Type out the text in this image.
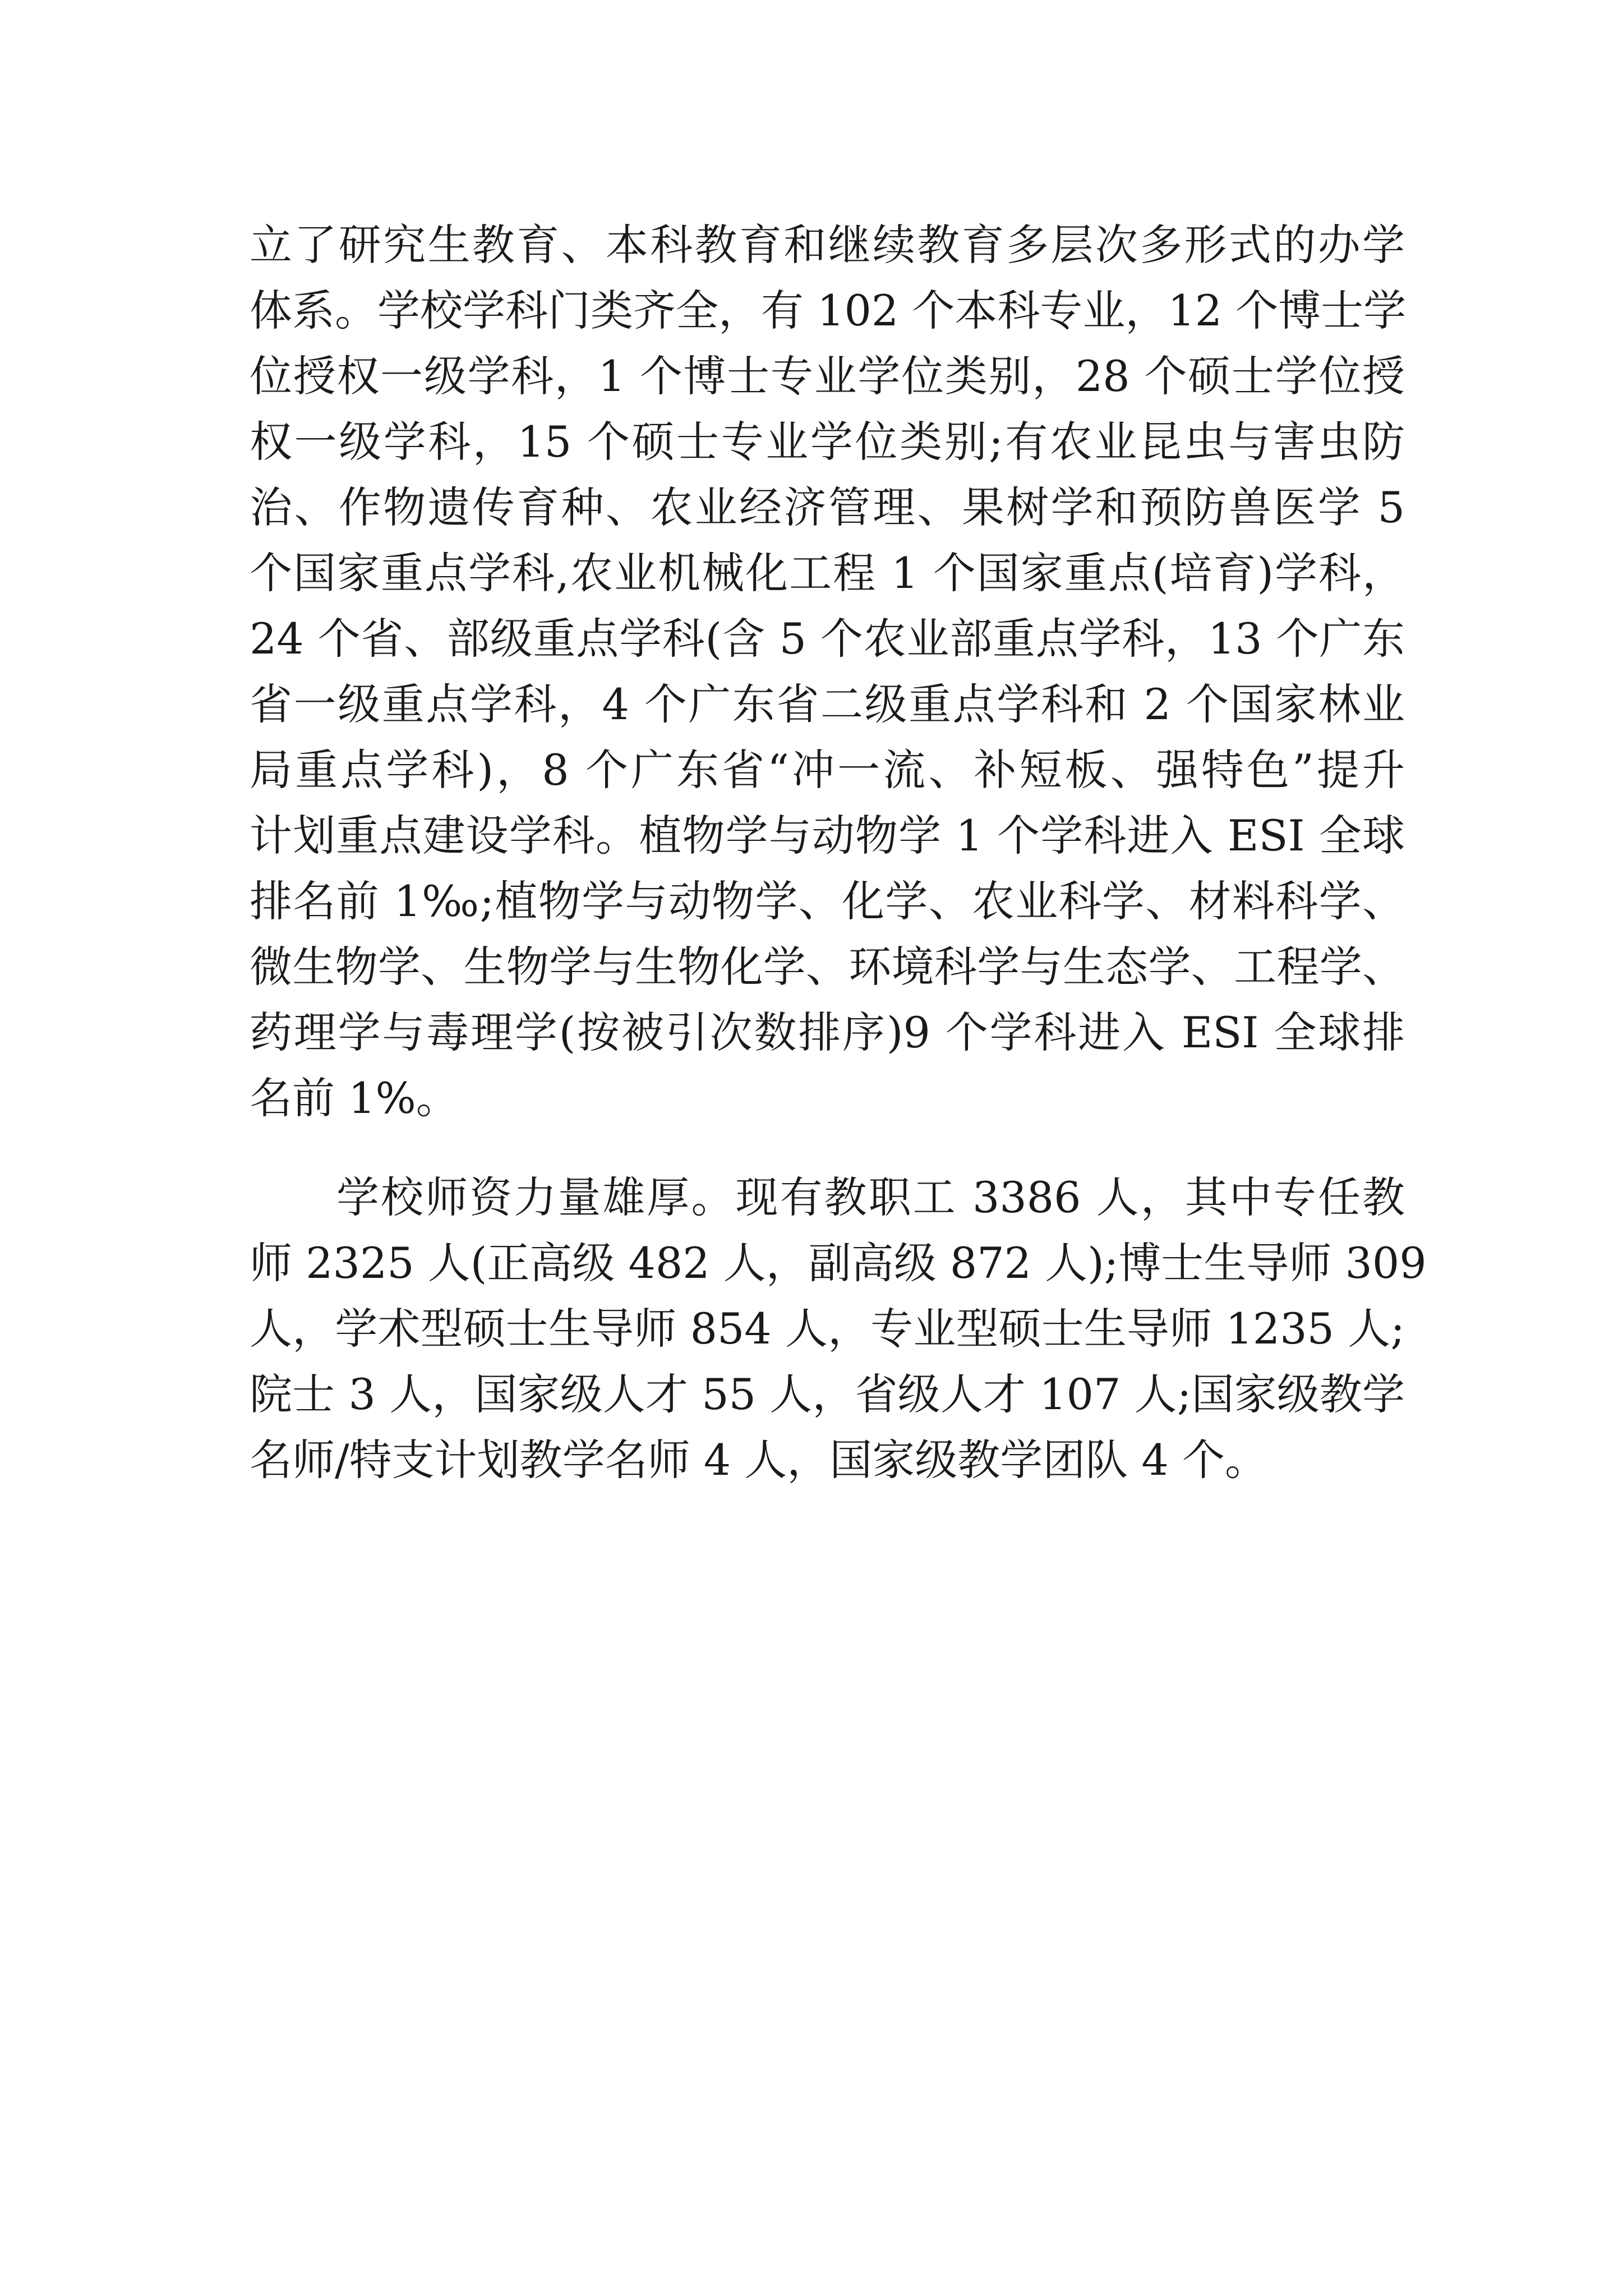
立了研究生教育、本科教育和继续教育多层次多形式的办学
体系。学校学科门类齐全，有 102 个本科专业，12 个博士学
位授权一级学科，1 个博士专业学位类别，28 个硕士学位授
权一级学科，15 个硕士专业学位类别;有农业昆虫与害虫防
治、作物遗传育种、农业经济管理、果树学和预防兽医学 5
个国家重点学科,农业机械化工程 1 个国家重点(培育)学科，
24 个省、部级重点学科(含 5 个农业部重点学科，13 个广东
省一级重点学科，4 个广东省二级重点学科和 2 个国家林业
局重点学科)，8 个广东省“冲一流、补短板、强特色”提升
计划重点建设学科。植物学与动物学 1 个学科进入 ESI 全球
排名前 1‰;植物学与动物学、化学、农业科学、材料科学、
微生物学、生物学与生物化学、环境科学与生态学、工程学、
药理学与毒理学(按被引次数排序)9 个学科进入 ESI 全球排
名前 1%。
学校师资力量雄厚。现有教职工 3386 人，其中专任教
师 2325 人(正高级 482 人，副高级 872 人);博士生导师 309
人，学术型硕士生导师 854 人，专业型硕士生导师 1235 人;
院士 3 人，国家级人才 55 人，省级人才 107 人;国家级教学
名师/特支计划教学名师 4 人，国家级教学团队 4 个。
